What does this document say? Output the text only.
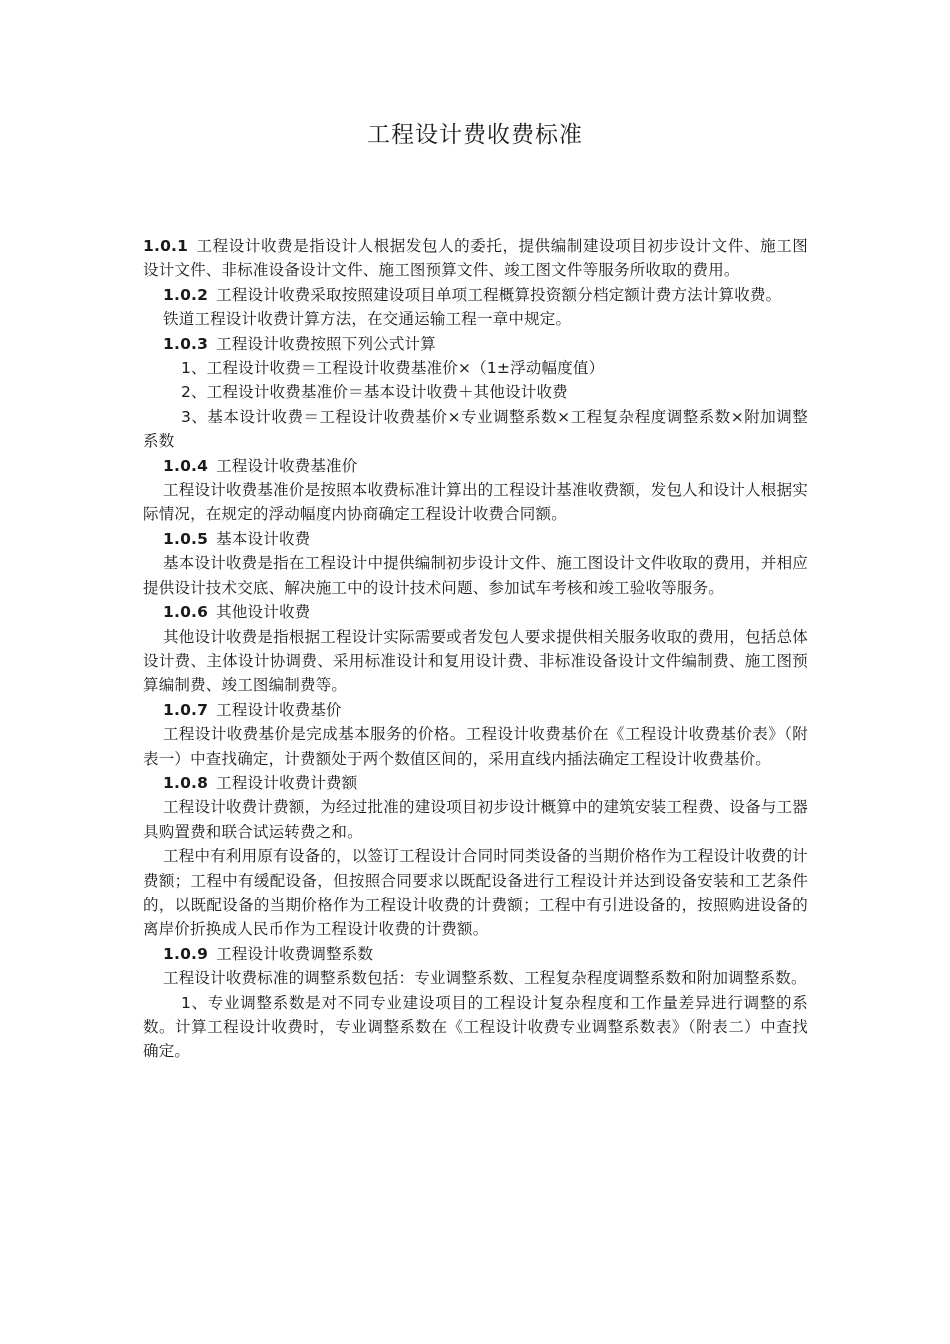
工程设计费收费标准

1.0.1 工程设计收费是指设计人根据发包人的委托，提供编制建设项目初步设计文件、施工图设计文件、非标准设备设计文件、施工图预算文件、竣工图文件等服务所收取的费用。

1.0.2 工程设计收费采取按照建设项目单项工程概算投资额分档定额计费方法计算收费。

铁道工程设计收费计算方法，在交通运输工程一章中规定。

1.0.3 工程设计收费按照下列公式计算

1、工程设计收费＝工程设计收费基准价×（1±浮动幅度值）

2、工程设计收费基准价＝基本设计收费＋其他设计收费

3、基本设计收费＝工程设计收费基价×专业调整系数×工程复杂程度调整系数×附加调整系数

1.0.4 工程设计收费基准价

工程设计收费基准价是按照本收费标准计算出的工程设计基准收费额，发包人和设计人根据实际情况，在规定的浮动幅度内协商确定工程设计收费合同额。

1.0.5 基本设计收费

基本设计收费是指在工程设计中提供编制初步设计文件、施工图设计文件收取的费用，并相应提供设计技术交底、解决施工中的设计技术问题、参加试车考核和竣工验收等服务。

1.0.6 其他设计收费

其他设计收费是指根据工程设计实际需要或者发包人要求提供相关服务收取的费用，包括总体设计费、主体设计协调费、采用标准设计和复用设计费、非标准设备设计文件编制费、施工图预算编制费、竣工图编制费等。

1.0.7 工程设计收费基价

工程设计收费基价是完成基本服务的价格。工程设计收费基价在《工程设计收费基价表》（附表一）中查找确定，计费额处于两个数值区间的，采用直线内插法确定工程设计收费基价。

1.0.8 工程设计收费计费额

工程设计收费计费额，为经过批准的建设项目初步设计概算中的建筑安装工程费、设备与工器具购置费和联合试运转费之和。

工程中有利用原有设备的，以签订工程设计合同时同类设备的当期价格作为工程设计收费的计费额；工程中有缓配设备，但按照合同要求以既配设备进行工程设计并达到设备安装和工艺条件的，以既配设备的当期价格作为工程设计收费的计费额；工程中有引进设备的，按照购进设备的离岸价折换成人民币作为工程设计收费的计费额。

1.0.9 工程设计收费调整系数

工程设计收费标准的调整系数包括：专业调整系数、工程复杂程度调整系数和附加调整系数。

1、专业调整系数是对不同专业建设项目的工程设计复杂程度和工作量差异进行调整的系数。计算工程设计收费时，专业调整系数在《工程设计收费专业调整系数表》（附表二）中查找确定。
